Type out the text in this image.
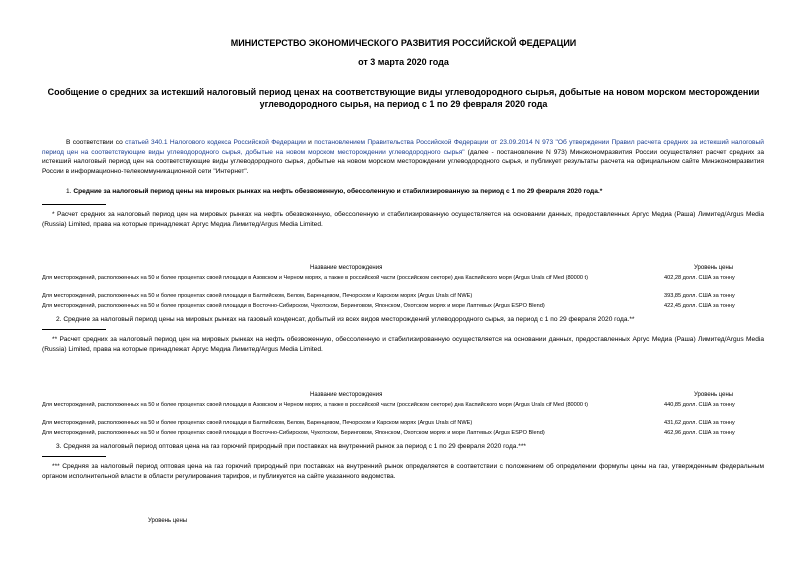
МИНИСТЕРСТВО ЭКОНОМИЧЕСКОГО РАЗВИТИЯ РОССИЙСКОЙ ФЕДЕРАЦИИ
от 3 марта 2020 года
Сообщение о средних за истекший налоговый период ценах на соответствующие виды углеводородного сырья, добытые на новом морском месторождении
углеводородного сырья, на период с 1 по 29 февраля 2020 года
В соответствии со статьей 340.1 Налогового кодекса Российской Федерации и постановлением Правительства Российской Федерации от 23.09.2014 N 973 "Об утверждении Правил расчета средних за истекший налоговый период цен на соответствующие виды углеводородного сырья, добытые на новом морском месторождении углеводородного сырья" (далее - постановление N 973) Минэкономразвития России осуществляет расчет средних за истекший налоговый период цен на соответствующие виды углеводородного сырья, добытые на новом морском месторождении углеводородного сырья, и публикует результаты расчета на официальном сайте Минэкономразвития России в информационно-телекоммуникационной сети "Интернет".
1. Средние за налоговый период цены на мировых рынках на нефть обезвоженную, обессоленную и стабилизированную за период с 1 по 29 февраля 2020 года.*
* Расчет средних за налоговый период цен на мировых рынках на нефть обезвоженную, обессоленную и стабилизированную осуществляется на основании данных, предоставленных Аргус Медиа (Раша) Лимитед/Argus Media (Russia) Limited, права на которые принадлежат Аргус Медиа Лимитед/Argus Media Limited.
Название месторождения	Уровень цены
Для месторождений, расположенных на 50 и более процентах своей площади в Азовском и Черном морях, а также в российской части (российском секторе) дна Каспийского моря (Argus Urals cif Med (80000 t)	402,28 долл. США за тонну
Для месторождений, расположенных на 50 и более процентах своей площади в Балтийском, Белом, Баренцевом, Печорском и Карском морях (Argus Urals cif NWE)	393,85 долл. США за тонну
Для месторождений, расположенных на 50 и более процентах своей площади в Восточно-Сибирском, Чукотском, Беринговом, Японском, Охотском морях и море Лаптевых (Argus ESPO Blend)	422,45 долл. США за тонну
2. Средние за налоговый период цены на мировых рынках на газовый конденсат, добытый из всех видов месторождений углеводородного сырья, за период с 1 по 29 февраля 2020 года.**
** Расчет средних за налоговый период цен на мировых рынках на нефть обезвоженную, обессоленную и стабилизированную осуществляется на основании данных, предоставленных Аргус Медиа (Раша) Лимитед/Argus Media (Russia) Limited, права на которые принадлежат Аргус Медиа Лимитед/Argus Media Limited.
Название месторождения	Уровень цены
Для месторождений, расположенных на 50 и более процентах своей площади в Азовском и Черном морях, а также в российской части (российском секторе) дна Каспийского моря (Argus Urals cif Med (80000 t)	440,85 долл. США за тонну
Для месторождений, расположенных на 50 и более процентах своей площади в Балтийском, Белом, Баренцевом, Печорском и Карском морях (Argus Urals cif NWE)	431,62 долл. США за тонну
Для месторождений, расположенных на 50 и более процентах своей площади в Восточно-Сибирском, Чукотском, Беринговом, Японском, Охотском морях и море Лаптевых (Argus ESPO Blend)	462,96 долл. США за тонну
3. Средняя за налоговый период оптовая цена на газ горючий природный при поставках на внутренний рынок за период с 1 по 29 февраля 2020 года.***
*** Средняя за налоговый период оптовая цена на газ горючий природный при поставках на внутренний рынок определяется в соответствии с положением об определении формулы цены на газ, утвержденным федеральным органом исполнительной власти в области регулирования тарифов, и публикуется на сайте указанного ведомства.
Уровень цены
